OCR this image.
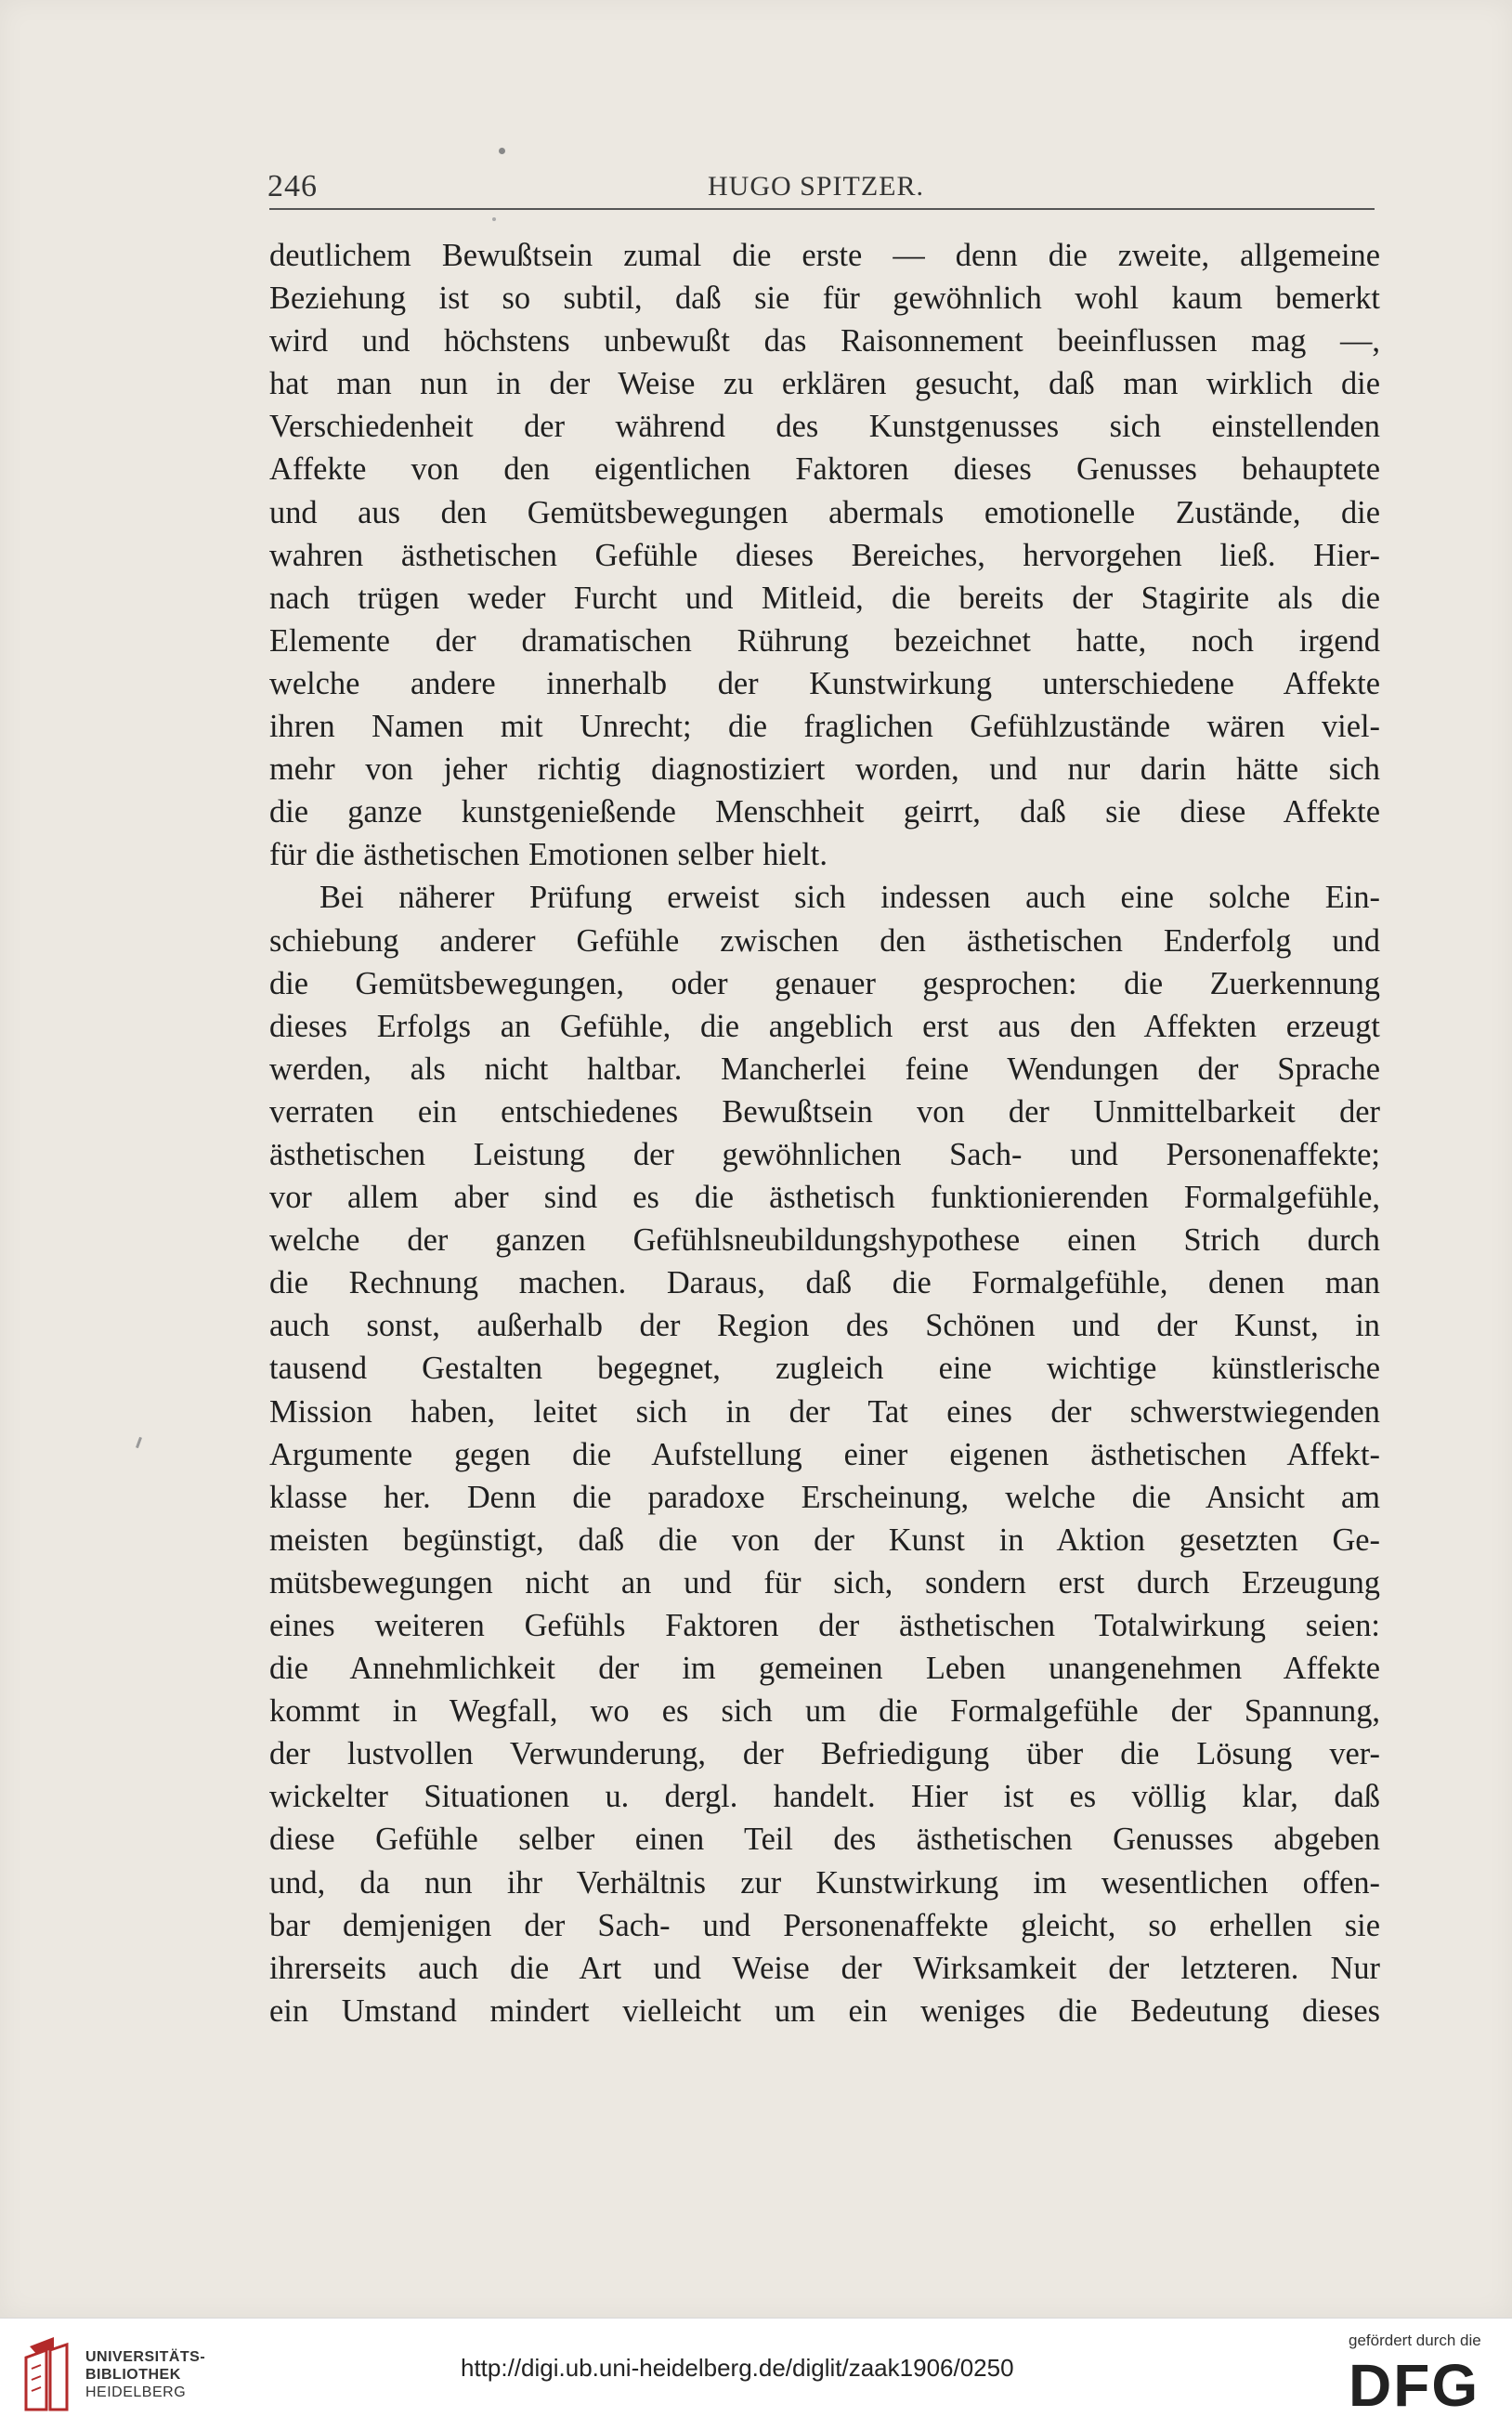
246	HUGO SPITZER.
deutlichem Bewußtsein zumal die erste — denn die zweite, allgemeine
Beziehung ist so subtil, daß sie für gewöhnlich wohl kaum bemerkt
wird und höchstens unbewußt das Raisonnement beeinflussen mag —,
hat man nun in der Weise zu erklären gesucht, daß man wirklich die
Verschiedenheit der während des Kunstgenusses sich einstellenden
Affekte von den eigentlichen Faktoren dieses Genusses behauptete
und aus den Gemütsbewegungen abermals emotionelle Zustände, die
wahren ästhetischen Gefühle dieses Bereiches, hervorgehen ließ. Hier-
nach trügen weder Furcht und Mitleid, die bereits der Stagirite als die
Elemente der dramatischen Rührung bezeichnet hatte, noch irgend
welche andere innerhalb der Kunstwirkung unterschiedene Affekte
ihren Namen mit Unrecht; die fraglichen Gefühlzustände wären viel-
mehr von jeher richtig diagnostiziert worden, und nur darin hätte sich
die ganze kunstgenießende Menschheit geirrt, daß sie diese Affekte
für die ästhetischen Emotionen selber hielt.
Bei näherer Prüfung erweist sich indessen auch eine solche Ein-
schiebung anderer Gefühle zwischen den ästhetischen Enderfolg und
die Gemütsbewegungen, oder genauer gesprochen: die Zuerkennung
dieses Erfolgs an Gefühle, die angeblich erst aus den Affekten erzeugt
werden, als nicht haltbar. Mancherlei feine Wendungen der Sprache
verraten ein entschiedenes Bewußtsein von der Unmittelbarkeit der
ästhetischen Leistung der gewöhnlichen Sach- und Personenaffekte;
vor allem aber sind es die ästhetisch funktionierenden Formalgefühle,
welche der ganzen Gefühlsneubildungshypothese einen Strich durch
die Rechnung machen. Daraus, daß die Formalgefühle, denen man
auch sonst, außerhalb der Region des Schönen und der Kunst, in
tausend Gestalten begegnet, zugleich eine wichtige künstlerische
Mission haben, leitet sich in der Tat eines der schwerstwiegenden
Argumente gegen die Aufstellung einer eigenen ästhetischen Affekt-
klasse her. Denn die paradoxe Erscheinung, welche die Ansicht am
meisten begünstigt, daß die von der Kunst in Aktion gesetzten Ge-
mütsbewegungen nicht an und für sich, sondern erst durch Erzeugung
eines weiteren Gefühls Faktoren der ästhetischen Totalwirkung seien:
die Annehmlichkeit der im gemeinen Leben unangenehmen Affekte
kommt in Wegfall, wo es sich um die Formalgefühle der Spannung,
der lustvollen Verwunderung, der Befriedigung über die Lösung ver-
wickelter Situationen u. dergl. handelt. Hier ist es völlig klar, daß
diese Gefühle selber einen Teil des ästhetischen Genusses abgeben
und, da nun ihr Verhältnis zur Kunstwirkung im wesentlichen offen-
bar demjenigen der Sach- und Personenaffekte gleicht, so erhellen sie
ihrerseits auch die Art und Weise der Wirksamkeit der letzteren. Nur
ein Umstand mindert vielleicht um ein weniges die Bedeutung dieses
UNIVERSITÄTS-
BIBLIOTHEK
HEIDELBERG
http://digi.ub.uni-heidelberg.de/diglit/zaak1906/0250
gefördert durch die
DFG
